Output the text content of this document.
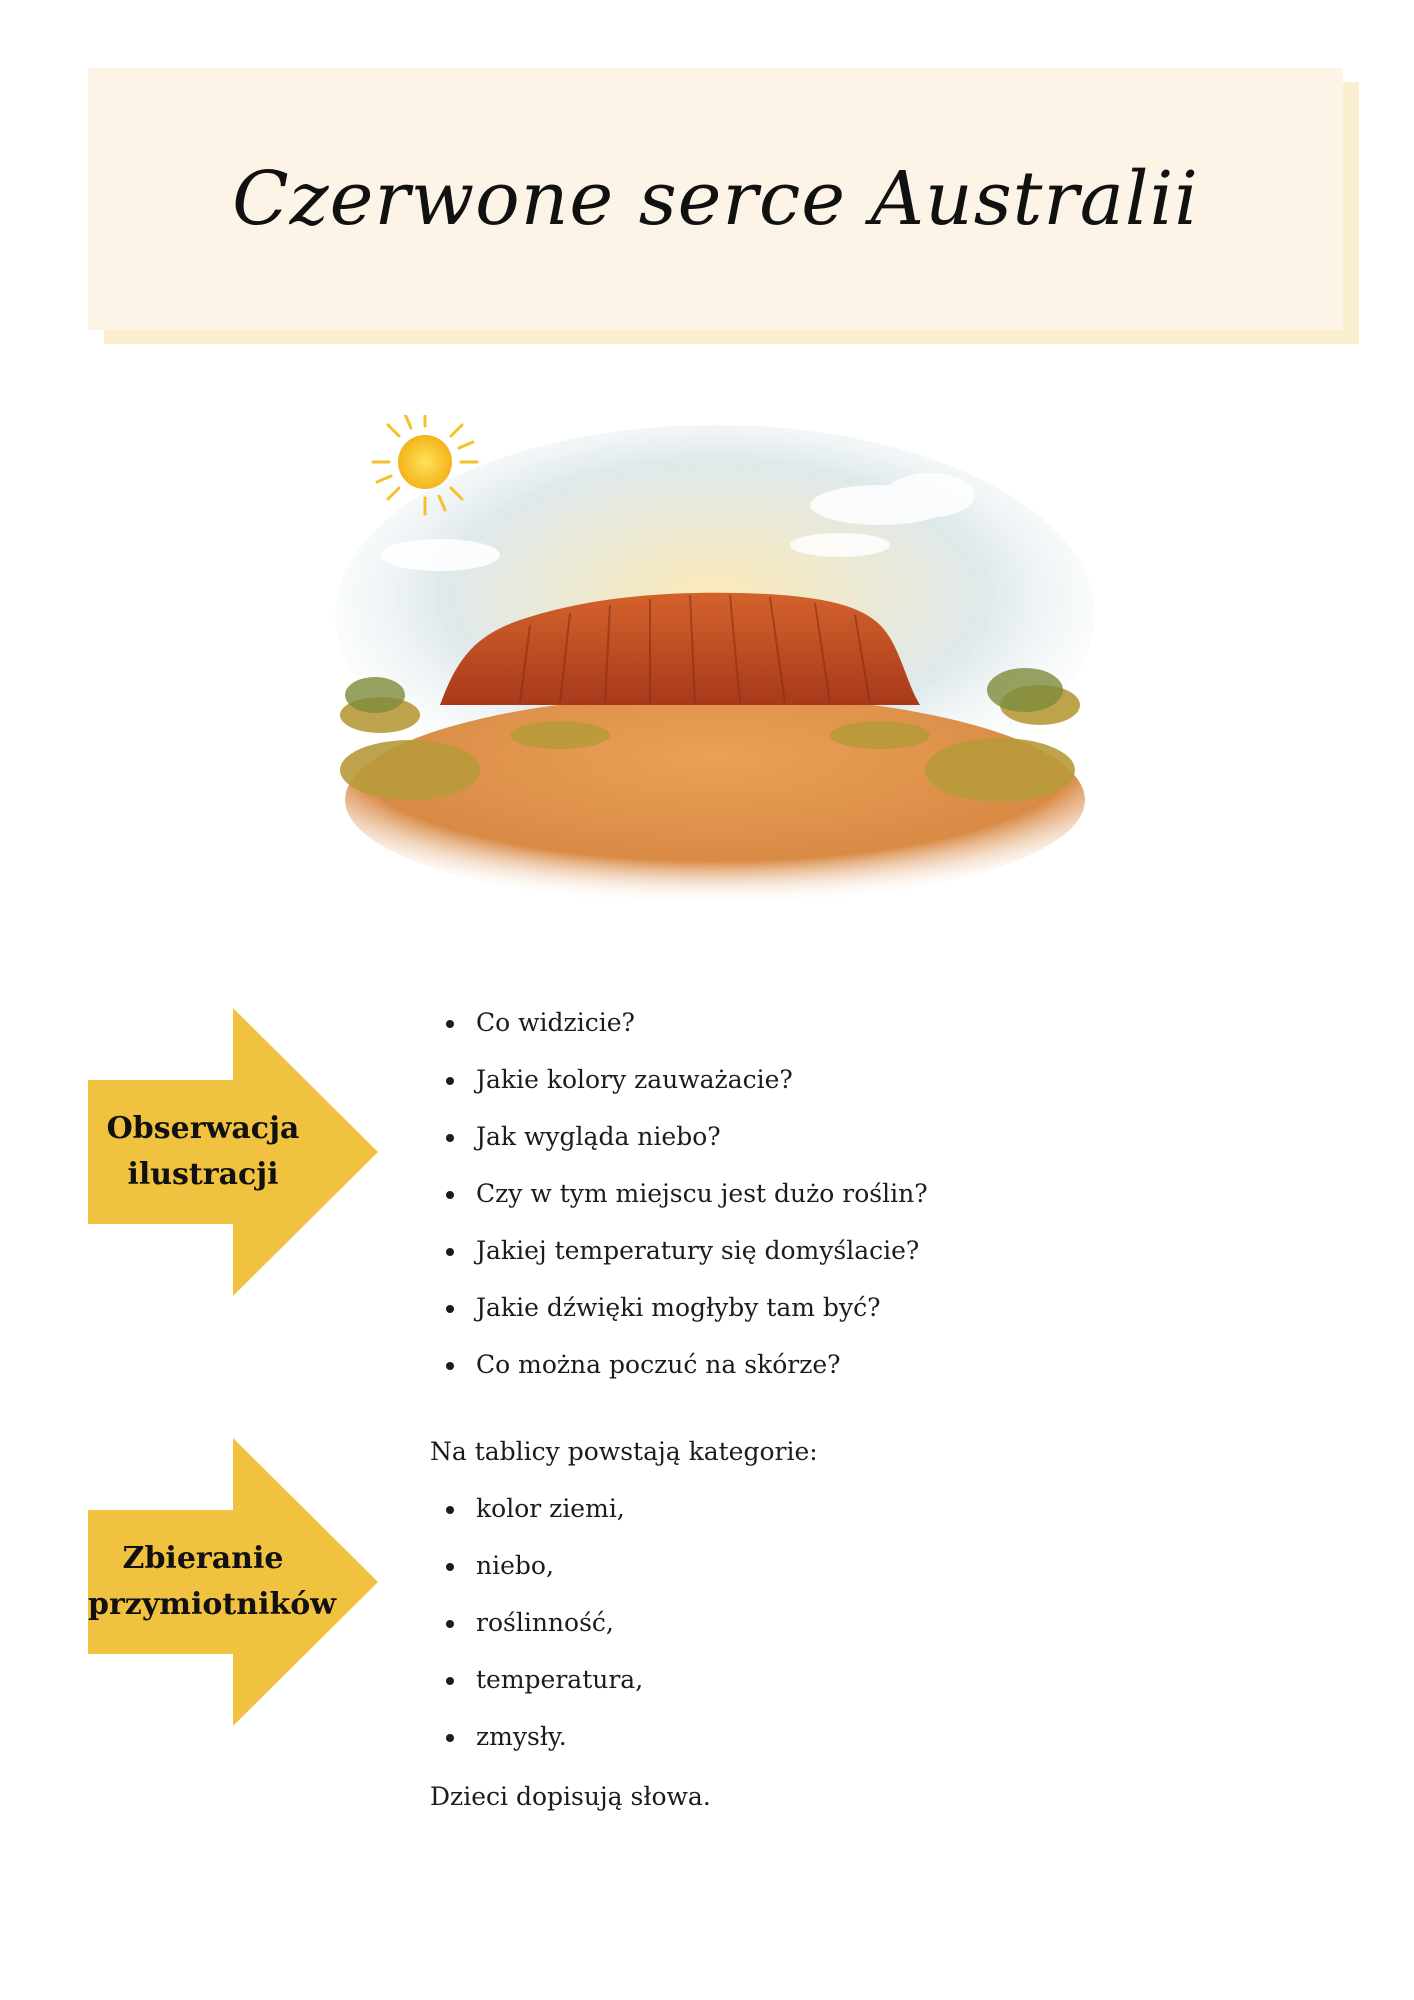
Czerwone serce Australii
Obserwacja ilustracji
Co widzicie?
Jakie kolory zauważacie?
Jak wygląda niebo?
Czy w tym miejscu jest dużo roślin?
Jakiej temperatury się domyślacie?
Jakie dźwięki mogłyby tam być?
Co można poczuć na skórze?
Zbieranie przymiotników
Na tablicy powstają kategorie:
kolor ziemi,
niebo,
roślinność,
temperatura,
zmysły.
Dzieci dopisują słowa.
